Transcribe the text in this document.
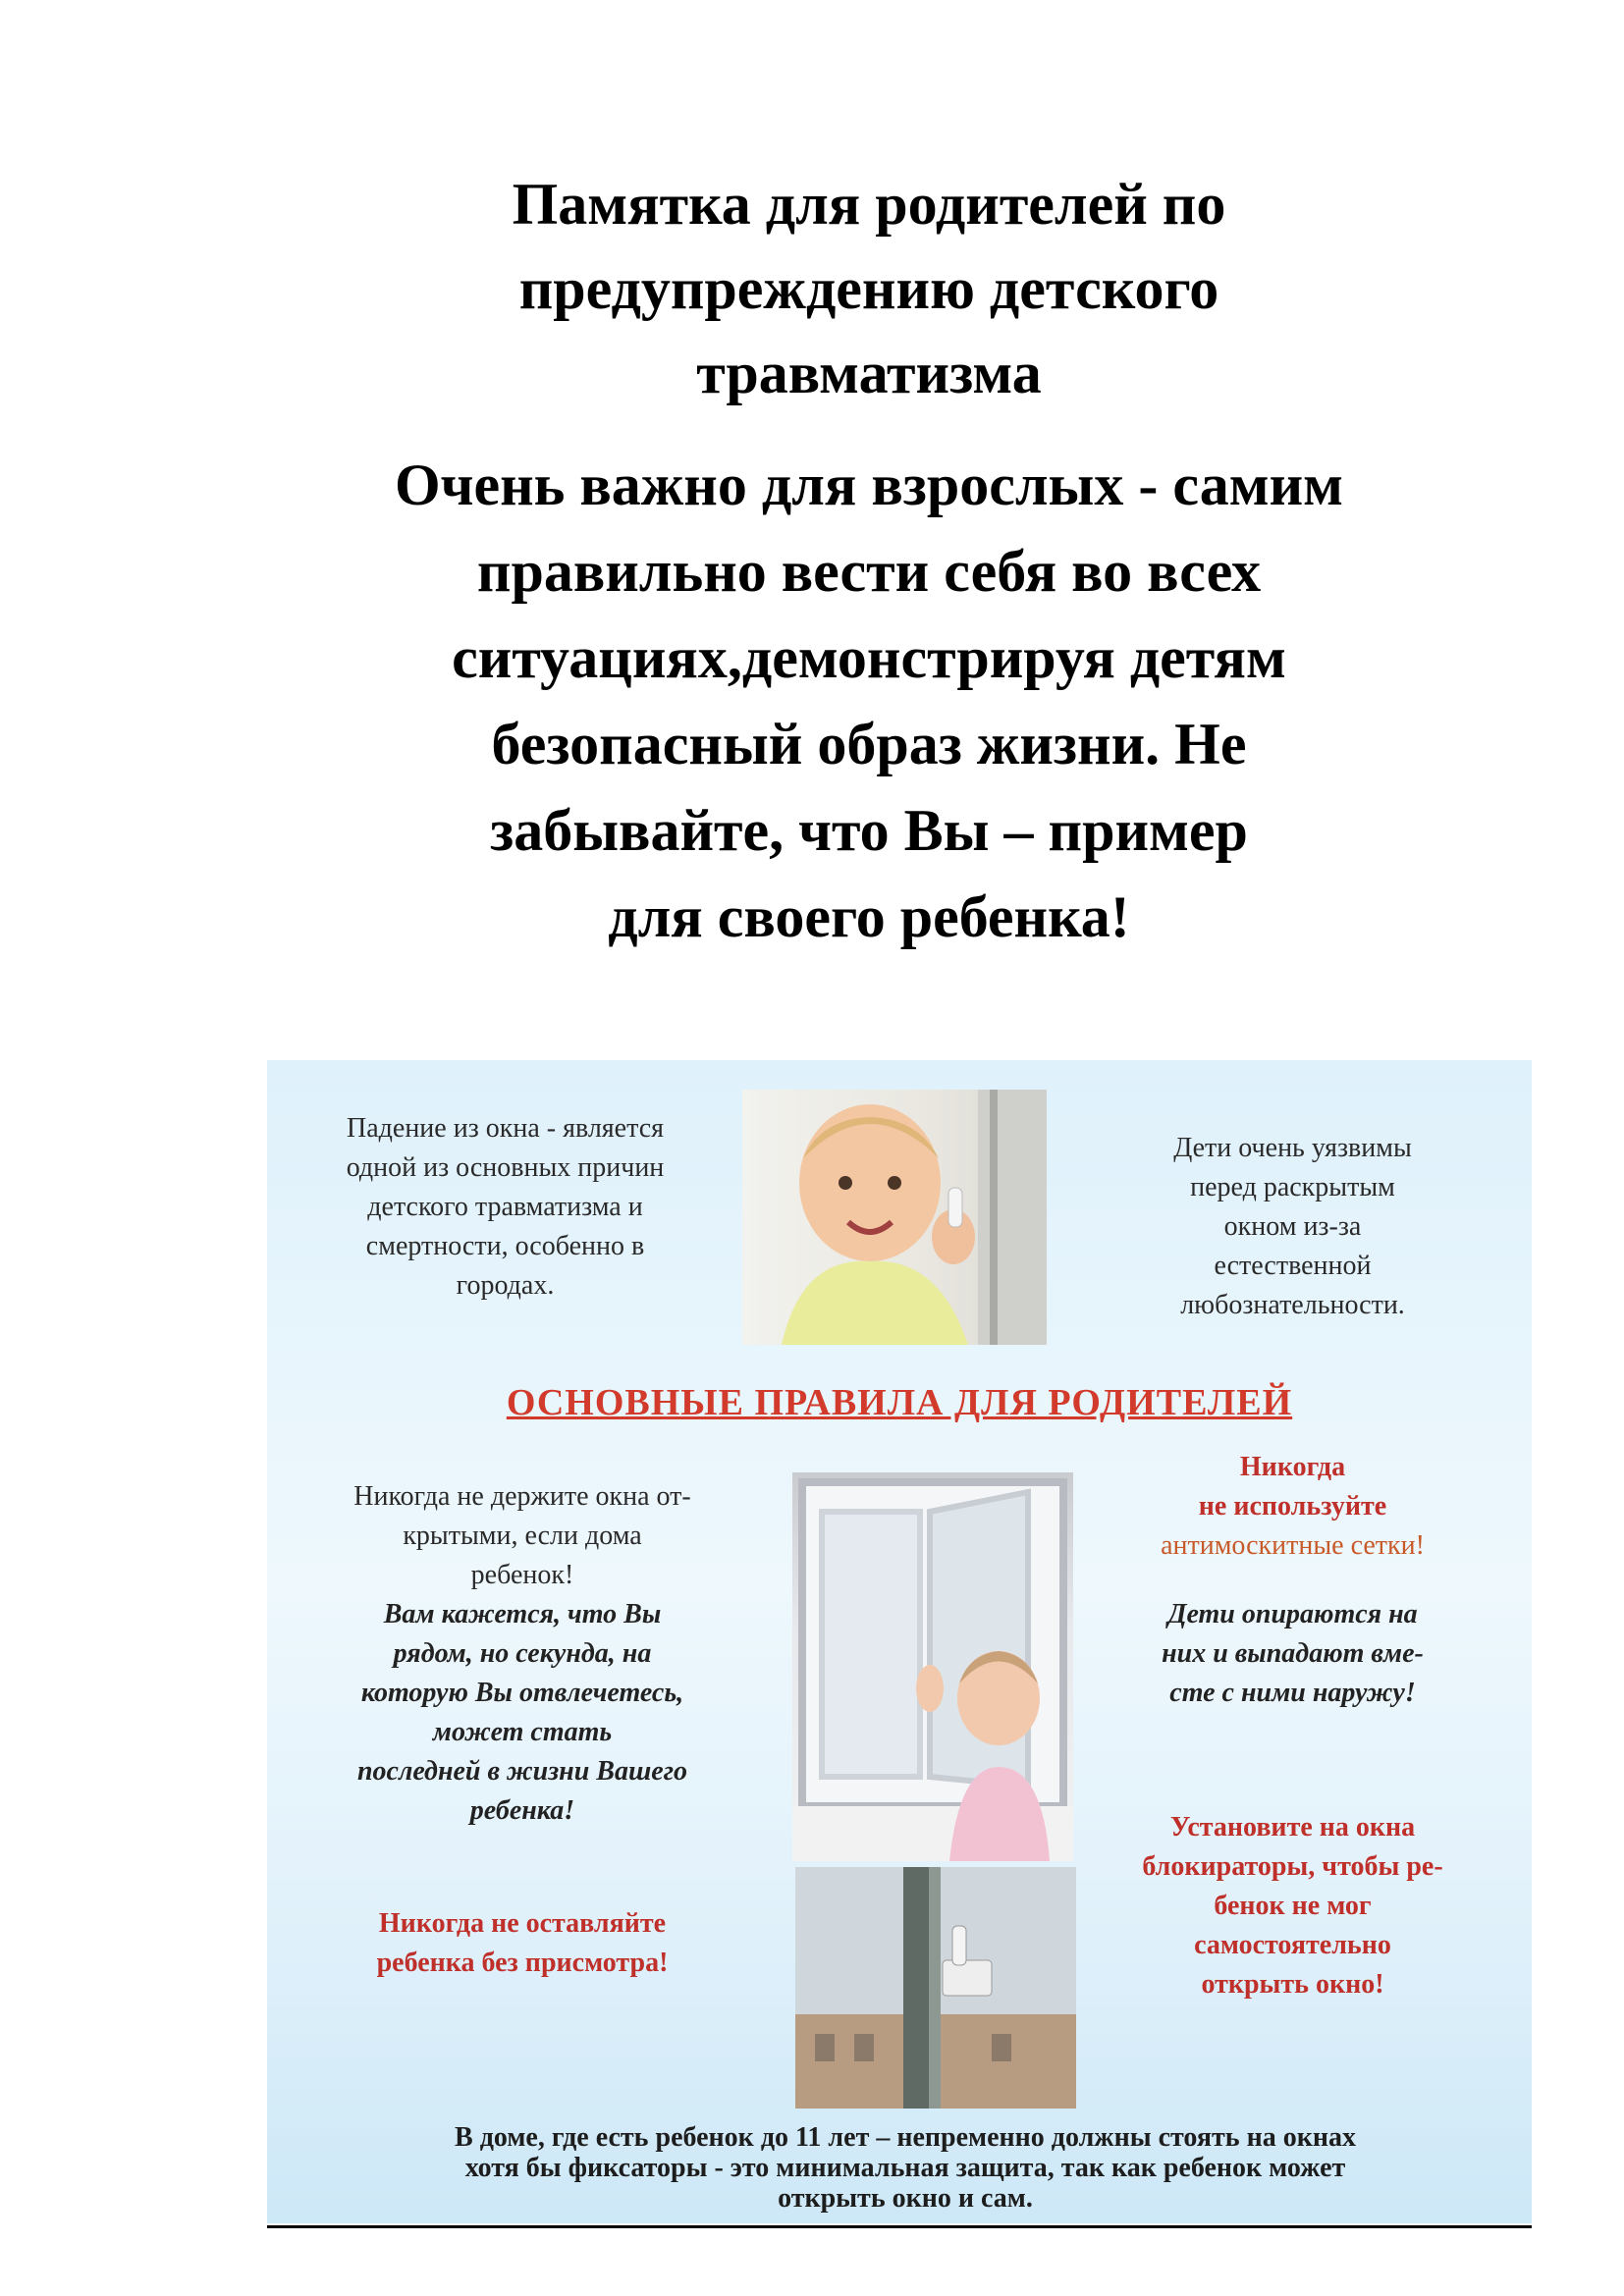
Памятка для родителей по
предупреждению детского
травматизма

Очень важно для взрослых - самим
правильно вести себя во всех
ситуациях,демонстрируя детям
безопасный образ жизни. Не
забывайте, что Вы – пример
для своего ребенка!

Падение из окна - является
одной из основных причин
детского травматизма и
смертности, особенно в
городах.
Дети очень уязвимы
перед раскрытым
окном из-за
естественной
любознательности.
ОСНОВНЫЕ ПРАВИЛА ДЛЯ РОДИТЕЛЕЙ
Никогда не держите окна от-
крытыми, если дома
ребенок!
Вам кажется, что Вы
рядом, но секунда, на
которую Вы отвлечетесь,
может стать
последней в жизни Вашего
ребенка!
Никогда не оставляйте
ребенка без присмотра!
Никогда
не используйте
антимоскитные сетки!
Дети опираются на
них и выпадают вме-
сте с ними наружу!
Установите на окна
блокираторы, чтобы ре-
бенок не мог
самостоятельно
открыть окно!
В доме, где есть ребенок до 11 лет – непременно должны стоять на окнах
хотя бы фиксаторы - это минимальная защита, так как ребенок может
открыть окно и сам.
